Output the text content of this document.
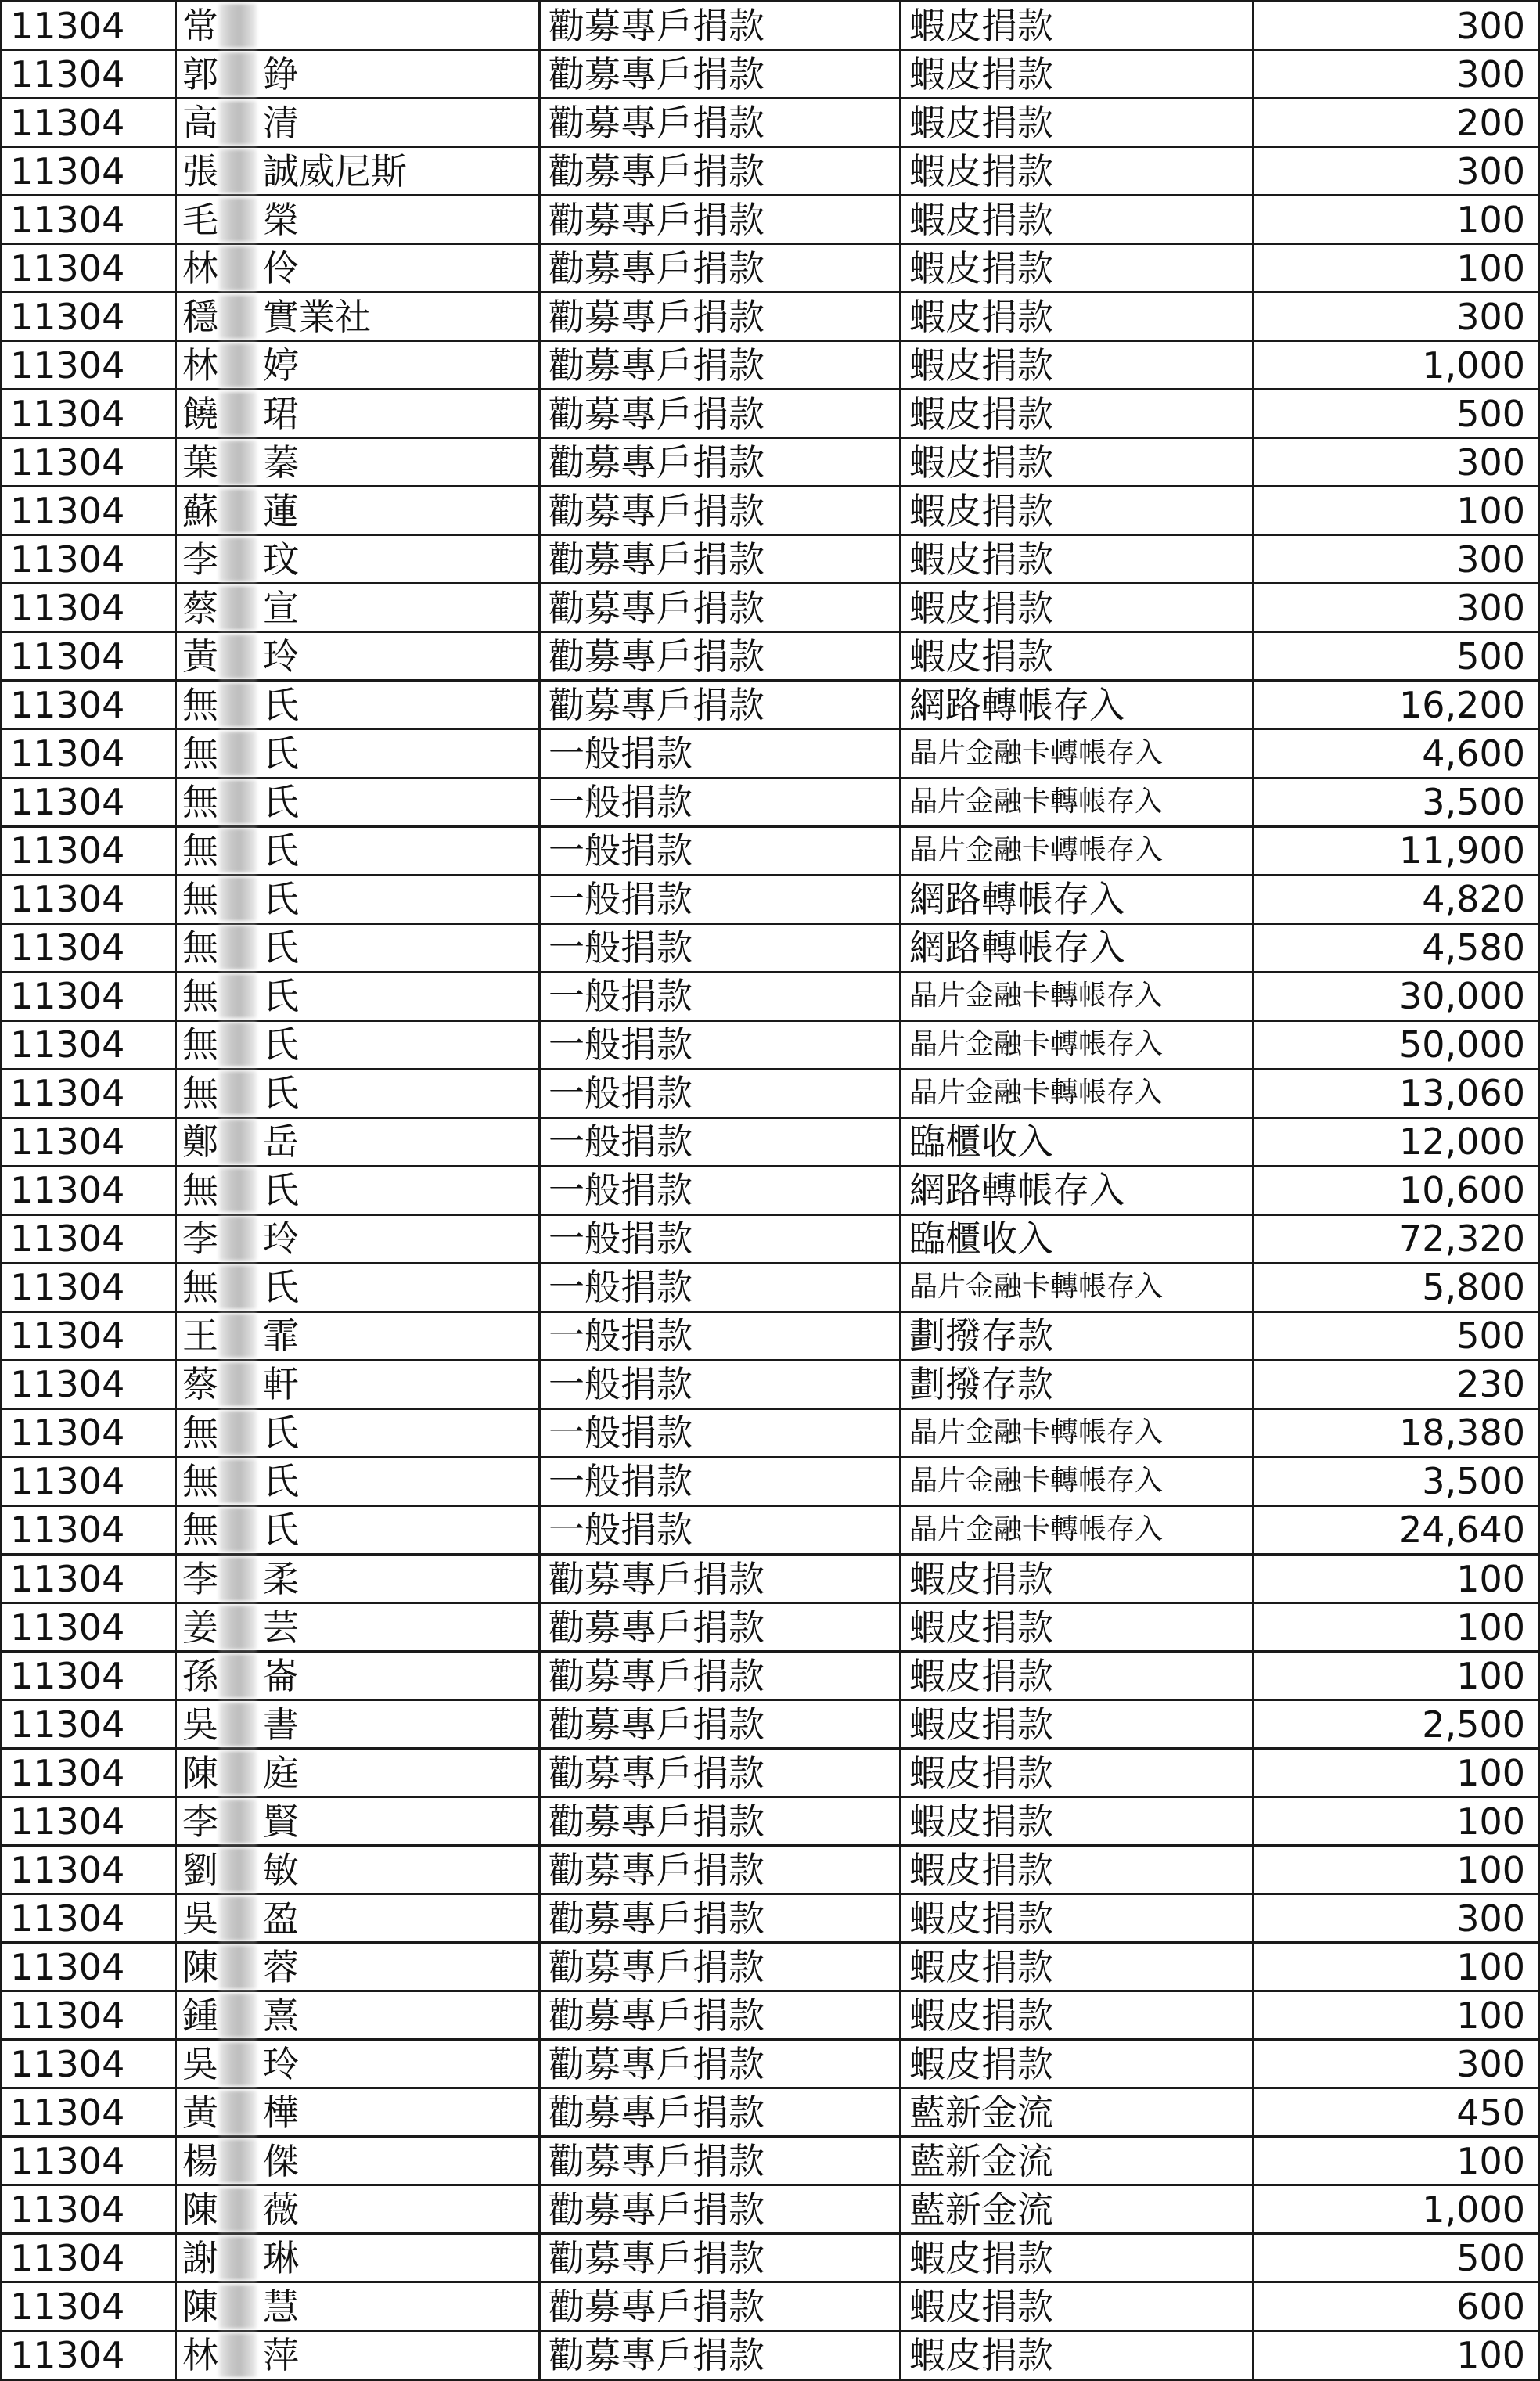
11304	常	勸募專戶捐款	蝦皮捐款	300
11304	郭 錚	勸募專戶捐款	蝦皮捐款	300
11304	高 清	勸募專戶捐款	蝦皮捐款	200
11304	張 誠威尼斯	勸募專戶捐款	蝦皮捐款	300
11304	毛 榮	勸募專戶捐款	蝦皮捐款	100
11304	林 伶	勸募專戶捐款	蝦皮捐款	100
11304	穩 實業社	勸募專戶捐款	蝦皮捐款	300
11304	林 婷	勸募專戶捐款	蝦皮捐款	1,000
11304	饒 珺	勸募專戶捐款	蝦皮捐款	500
11304	葉 蓁	勸募專戶捐款	蝦皮捐款	300
11304	蘇 蓮	勸募專戶捐款	蝦皮捐款	100
11304	李 玟	勸募專戶捐款	蝦皮捐款	300
11304	蔡 宣	勸募專戶捐款	蝦皮捐款	300
11304	黃 玲	勸募專戶捐款	蝦皮捐款	500
11304	無 氏	勸募專戶捐款	網路轉帳存入	16,200
11304	無 氏	一般捐款	晶片金融卡轉帳存入	4,600
11304	無 氏	一般捐款	晶片金融卡轉帳存入	3,500
11304	無 氏	一般捐款	晶片金融卡轉帳存入	11,900
11304	無 氏	一般捐款	網路轉帳存入	4,820
11304	無 氏	一般捐款	網路轉帳存入	4,580
11304	無 氏	一般捐款	晶片金融卡轉帳存入	30,000
11304	無 氏	一般捐款	晶片金融卡轉帳存入	50,000
11304	無 氏	一般捐款	晶片金融卡轉帳存入	13,060
11304	鄭 岳	一般捐款	臨櫃收入	12,000
11304	無 氏	一般捐款	網路轉帳存入	10,600
11304	李 玲	一般捐款	臨櫃收入	72,320
11304	無 氏	一般捐款	晶片金融卡轉帳存入	5,800
11304	王 霏	一般捐款	劃撥存款	500
11304	蔡 軒	一般捐款	劃撥存款	230
11304	無 氏	一般捐款	晶片金融卡轉帳存入	18,380
11304	無 氏	一般捐款	晶片金融卡轉帳存入	3,500
11304	無 氏	一般捐款	晶片金融卡轉帳存入	24,640
11304	李 柔	勸募專戶捐款	蝦皮捐款	100
11304	姜 芸	勸募專戶捐款	蝦皮捐款	100
11304	孫 崙	勸募專戶捐款	蝦皮捐款	100
11304	吳 書	勸募專戶捐款	蝦皮捐款	2,500
11304	陳 庭	勸募專戶捐款	蝦皮捐款	100
11304	李 賢	勸募專戶捐款	蝦皮捐款	100
11304	劉 敏	勸募專戶捐款	蝦皮捐款	100
11304	吳 盈	勸募專戶捐款	蝦皮捐款	300
11304	陳 蓉	勸募專戶捐款	蝦皮捐款	100
11304	鍾 熹	勸募專戶捐款	蝦皮捐款	100
11304	吳 玲	勸募專戶捐款	蝦皮捐款	300
11304	黃 樺	勸募專戶捐款	藍新金流	450
11304	楊 傑	勸募專戶捐款	藍新金流	100
11304	陳 薇	勸募專戶捐款	藍新金流	1,000
11304	謝 琳	勸募專戶捐款	蝦皮捐款	500
11304	陳 慧	勸募專戶捐款	蝦皮捐款	600
11304	林 萍	勸募專戶捐款	蝦皮捐款	100
